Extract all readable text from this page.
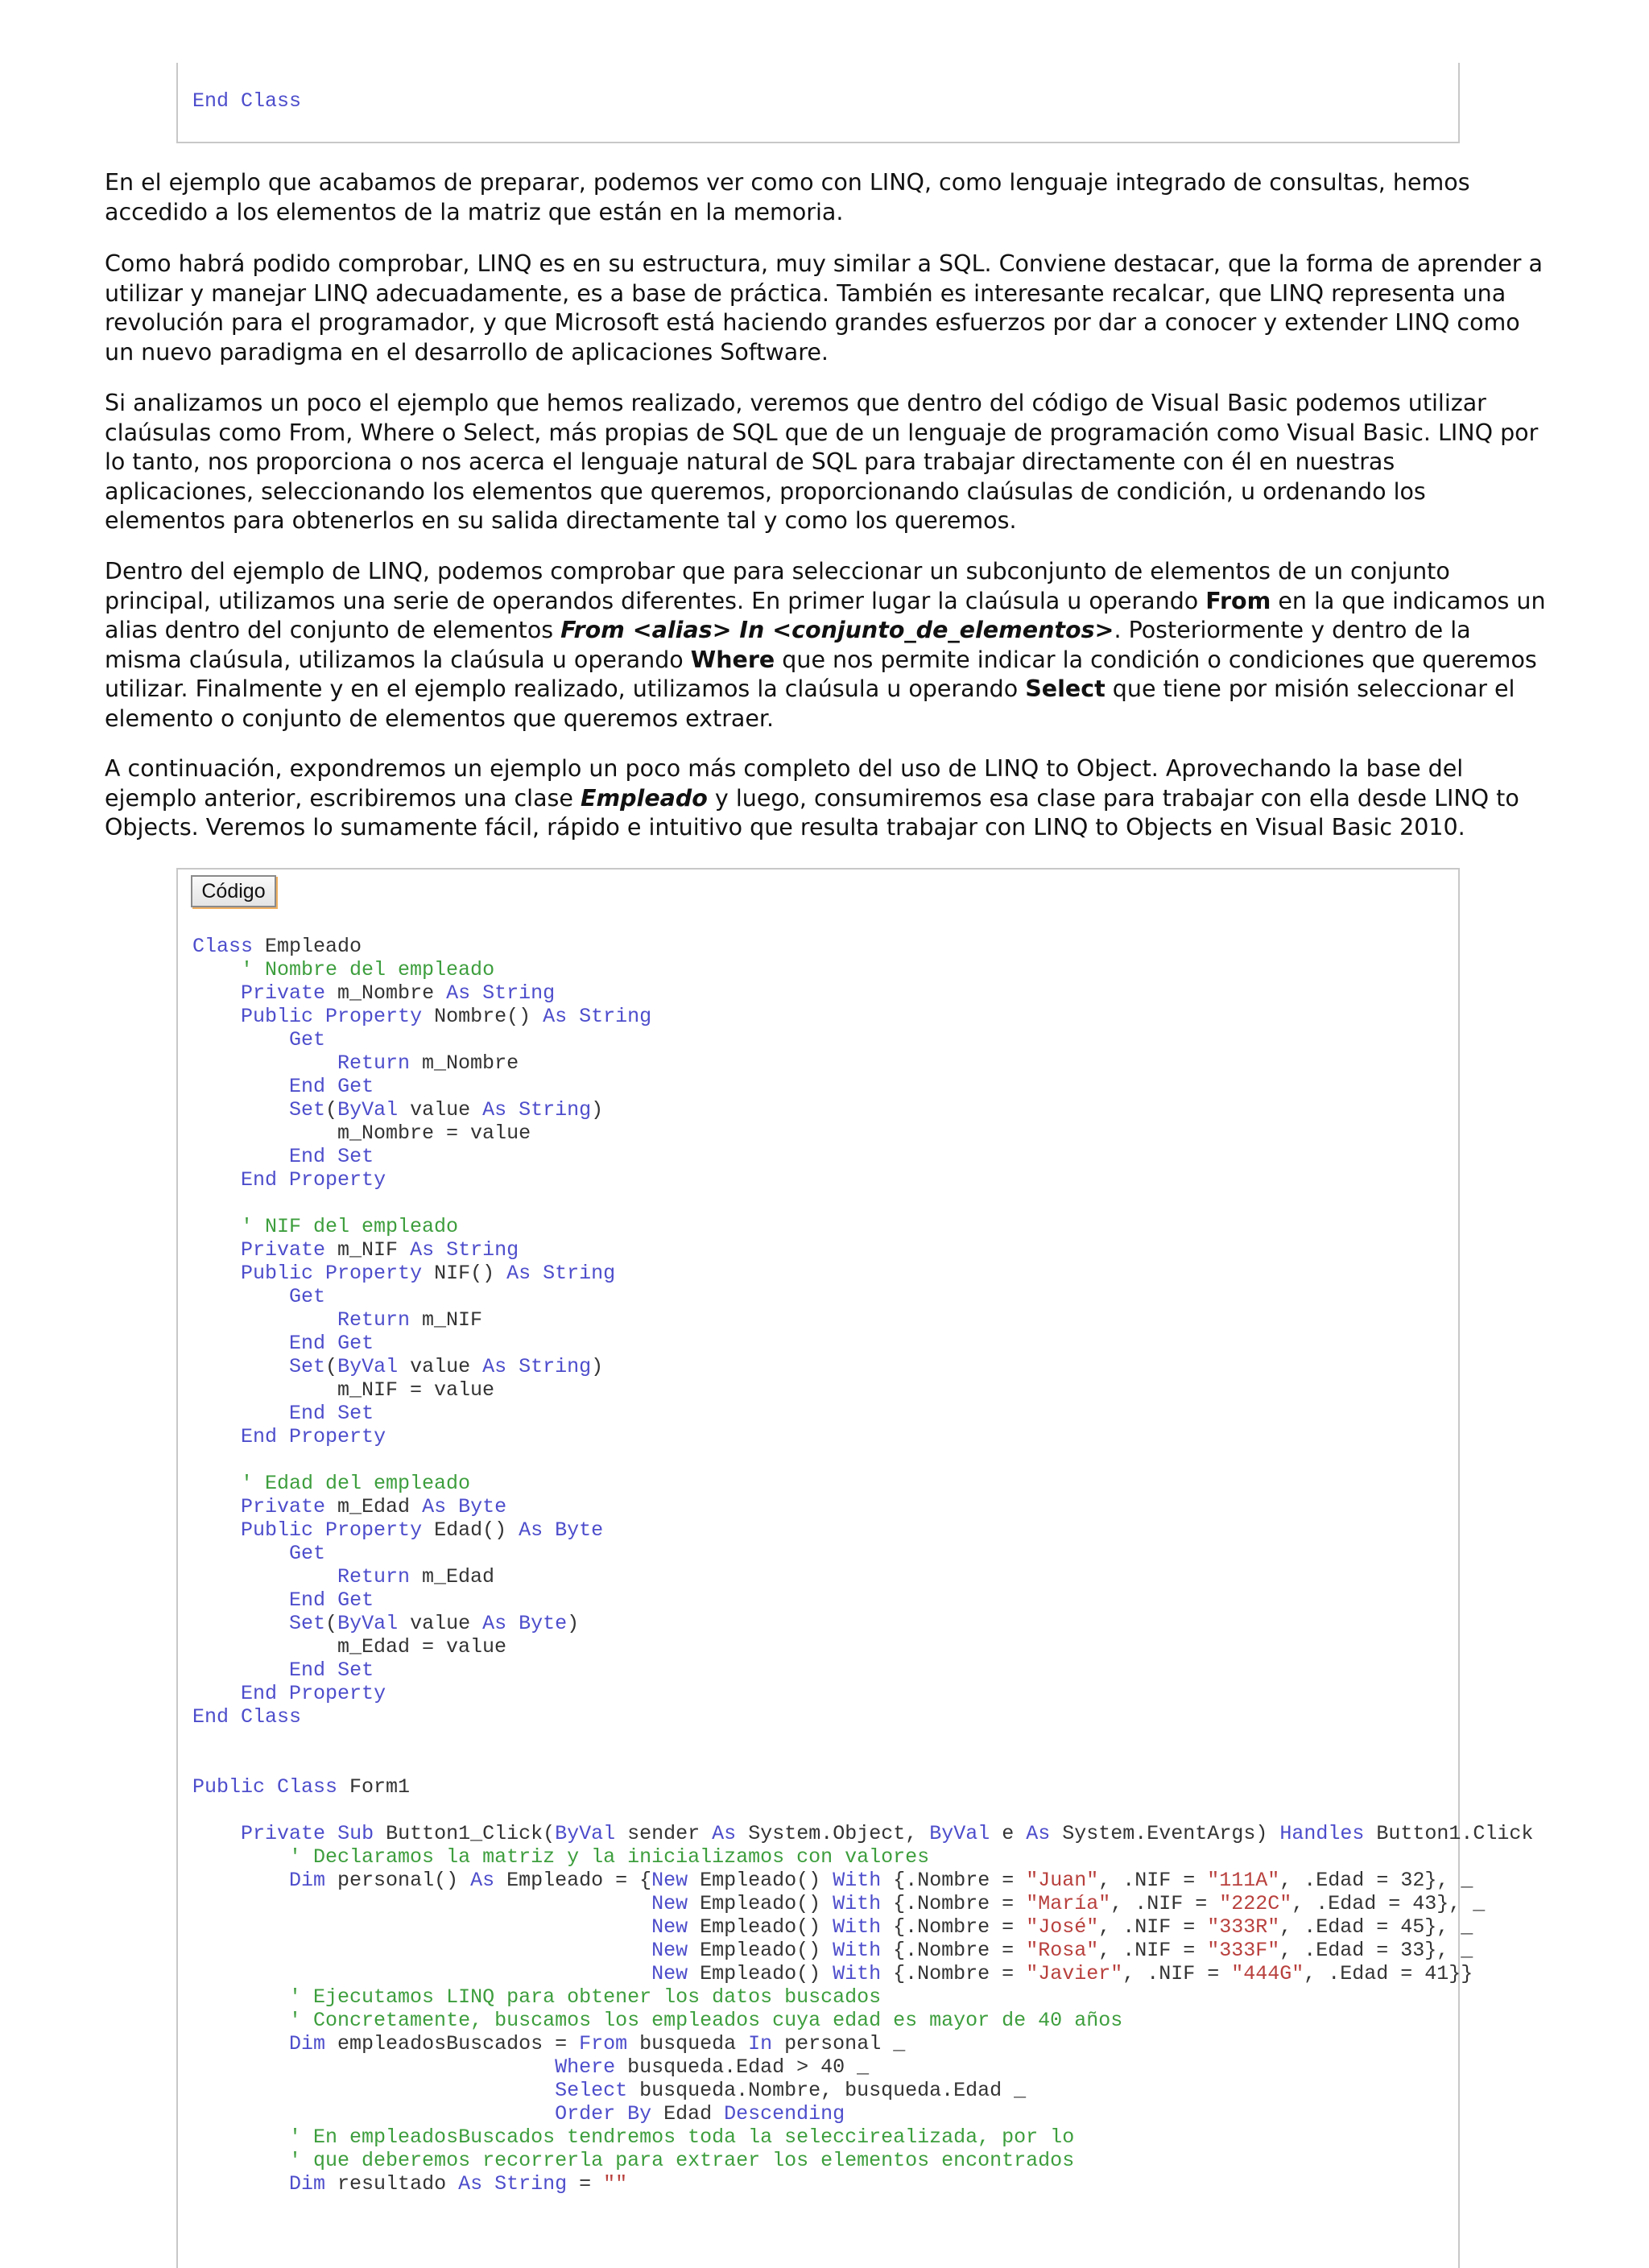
End Class

En el ejemplo que acabamos de preparar, podemos ver como con LINQ, como lenguaje integrado de consultas, hemos accedido a los elementos de la matriz que están en la memoria.

Como habrá podido comprobar, LINQ es en su estructura, muy similar a SQL. Conviene destacar, que la forma de aprender a utilizar y manejar LINQ adecuadamente, es a base de práctica. También es interesante recalcar, que LINQ representa una revolución para el programador, y que Microsoft está haciendo grandes esfuerzos por dar a conocer y extender LINQ como un nuevo paradigma en el desarrollo de aplicaciones Software.

Si analizamos un poco el ejemplo que hemos realizado, veremos que dentro del código de Visual Basic podemos utilizar claúsulas como From, Where o Select, más propias de SQL que de un lenguaje de programación como Visual Basic. LINQ por lo tanto, nos proporciona o nos acerca el lenguaje natural de SQL para trabajar directamente con él en nuestras aplicaciones, seleccionando los elementos que queremos, proporcionando claúsulas de condición, u ordenando los elementos para obtenerlos en su salida directamente tal y como los queremos.

Dentro del ejemplo de LINQ, podemos comprobar que para seleccionar un subconjunto de elementos de un conjunto principal, utilizamos una serie de operandos diferentes. En primer lugar la claúsula u operando From en la que indicamos un alias dentro del conjunto de elementos From <alias> In <conjunto_de_elementos>. Posteriormente y dentro de la misma claúsula, utilizamos la claúsula u operando Where que nos permite indicar la condición o condiciones que queremos utilizar. Finalmente y en el ejemplo realizado, utilizamos la claúsula u operando Select que tiene por misión seleccionar el elemento o conjunto de elementos que queremos extraer.

A continuación, expondremos un ejemplo un poco más completo del uso de LINQ to Object. Aprovechando la base del ejemplo anterior, escribiremos una clase Empleado y luego, consumiremos esa clase para trabajar con ella desde LINQ to Objects. Veremos lo sumamente fácil, rápido e intuitivo que resulta trabajar con LINQ to Objects en Visual Basic 2010.

Class Empleado
' Nombre del empleado
Private m_Nombre As String
Public Property Nombre() As String
Get
Return m_Nombre
End Get
Set(ByVal value As String)
m_Nombre = value
End Set
End Property
' NIF del empleado
Private m_NIF As String
Public Property NIF() As String
Get
Return m_NIF
End Get
Set(ByVal value As String)
m_NIF = value
End Set
End Property
' Edad del empleado
Private m_Edad As Byte
Public Property Edad() As Byte
Get
Return m_Edad
End Get
Set(ByVal value As Byte)
m_Edad = value
End Set
End Property
End Class
Public Class Form1
Private Sub Button1_Click(ByVal sender As System.Object, ByVal e As System.EventArgs) Handles Button1.Click
' Declaramos la matriz y la inicializamos con valores
Dim personal() As Empleado = {New Empleado() With {.Nombre = "Juan", .NIF = "111A", .Edad = 32}, _
New Empleado() With {.Nombre = "María", .NIF = "222C", .Edad = 43}, _
New Empleado() With {.Nombre = "José", .NIF = "333R", .Edad = 45}, _
New Empleado() With {.Nombre = "Rosa", .NIF = "333F", .Edad = 33}, _
New Empleado() With {.Nombre = "Javier", .NIF = "444G", .Edad = 41}}
' Ejecutamos LINQ para obtener los datos buscados
' Concretamente, buscamos los empleados cuya edad es mayor de 40 años
Dim empleadosBuscados = From busqueda In personal _
Where busqueda.Edad > 40 _
Select busqueda.Nombre, busqueda.Edad _
Order By Edad Descending
' En empleadosBuscados tendremos toda la seleccirealizada, por lo
' que deberemos recorrerla para extraer los elementos encontrados
Dim resultado As String = ""
Código
